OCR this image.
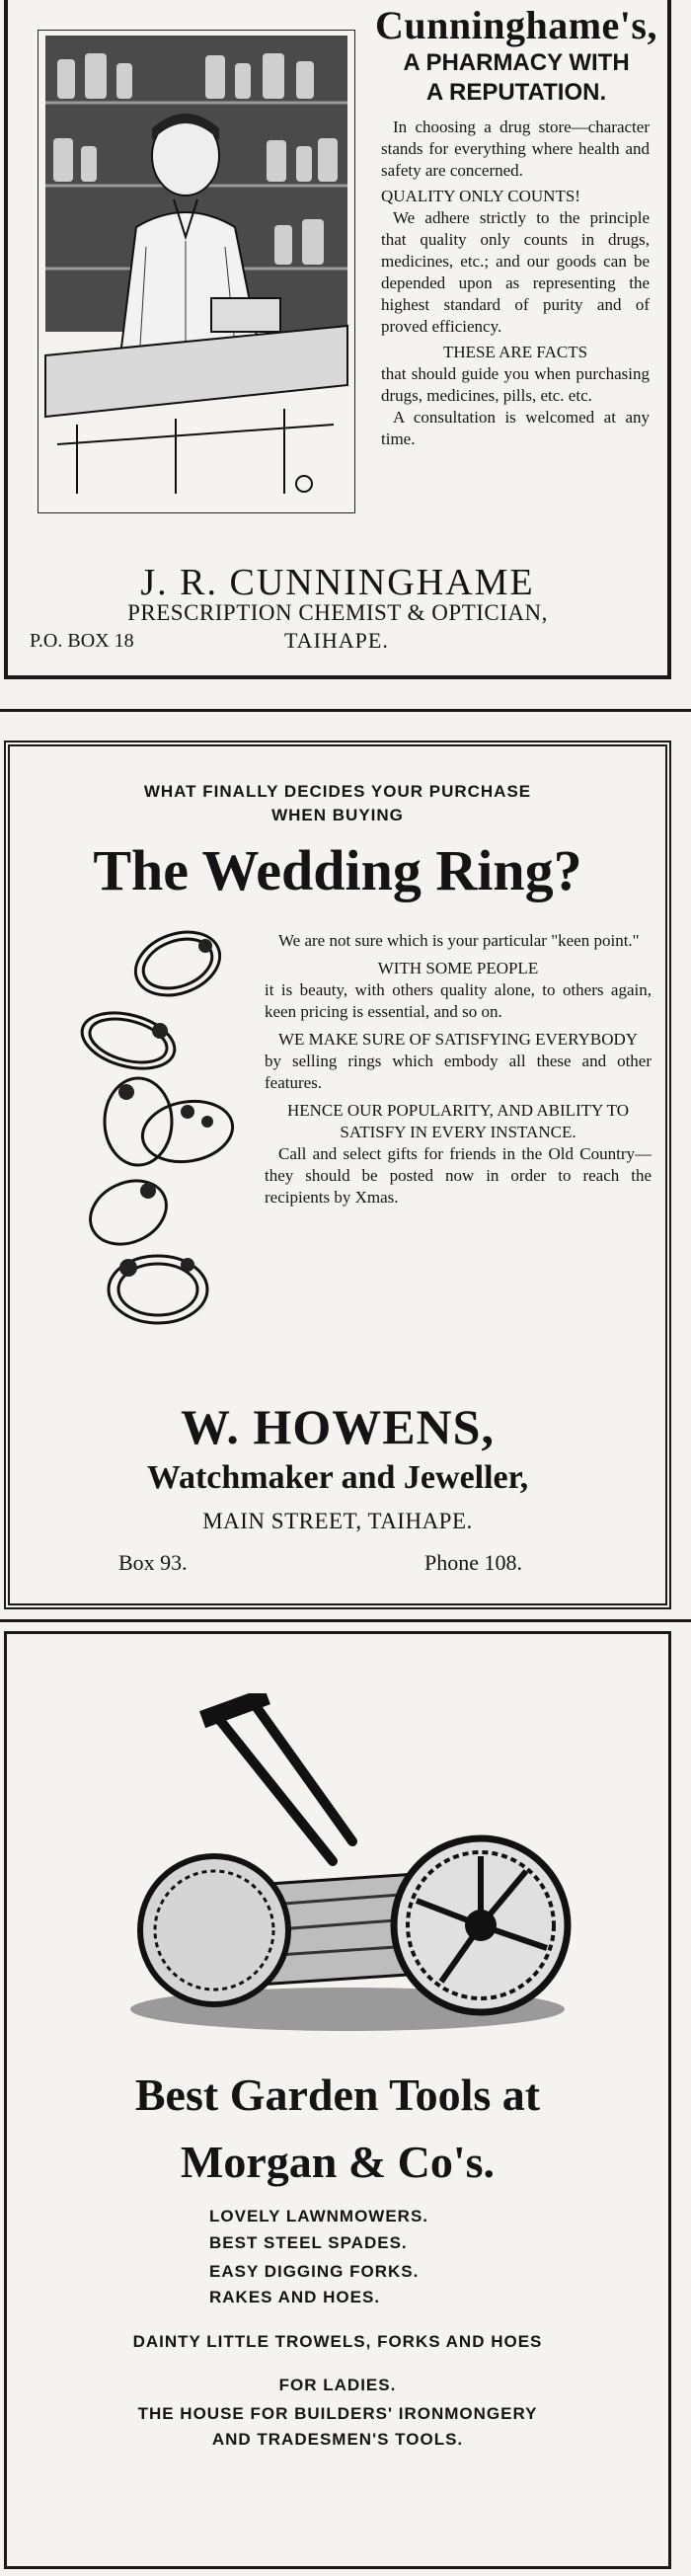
Cunninghame's,
A PHARMACY WITH
A REPUTATION.

In choosing a drug store—character stands for everything where health and safety are concerned.

QUALITY ONLY COUNTS!

We adhere strictly to the principle that quality only counts in drugs, medicines, etc.; and our goods can be depended upon as representing the highest standard of purity and of proved efficiency.

THESE ARE FACTS

that should guide you when purchasing drugs, medicines, pills, etc. etc.

A consultation is welcomed at any time.

J. R. CUNNINGHAME
PRESCRIPTION CHEMIST & OPTICIAN,
P.O. BOX 18	TAIHAPE.
WHAT FINALLY DECIDES YOUR PURCHASE
WHEN BUYING
The Wedding Ring?

We are not sure which is your particular "keen point."

WITH SOME PEOPLE

it is beauty, with others quality alone, to others again, keen pricing is essential, and so on.

WE MAKE SURE OF SATISFYING EVERYBODY

by selling rings which embody all these and other features.

HENCE OUR POPULARITY, AND ABILITY TO SATISFY IN EVERY INSTANCE.

Call and select gifts for friends in the Old Country—they should be posted now in order to reach the recipients by Xmas.

W. HOWENS,
Watchmaker and Jeweller,
MAIN STREET, TAIHAPE.
Box 93.	Phone 108.
Best Garden Tools at
Morgan & Co's.
LOVELY LAWNMOWERS.
BEST STEEL SPADES.
EASY DIGGING FORKS.
RAKES AND HOES.
DAINTY LITTLE TROWELS, FORKS AND HOES
FOR LADIES.
THE HOUSE FOR BUILDERS' IRONMONGERY
AND TRADESMEN'S TOOLS.
